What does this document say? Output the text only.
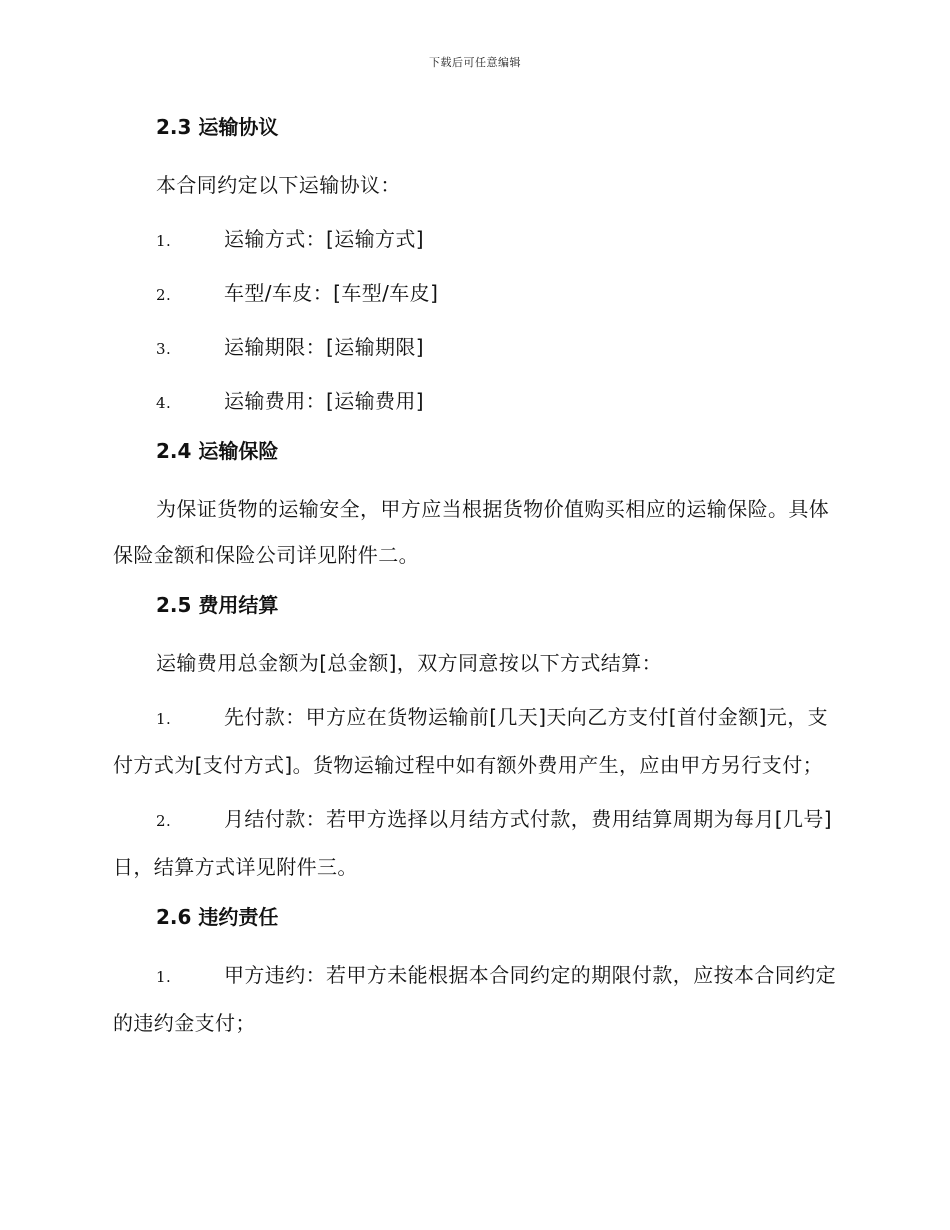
下载后可任意编辑
2.3 运输协议
本合同约定以下运输协议：
1.	运输方式：[运输方式]
2.	车型/车皮：[车型/车皮]
3.	运输期限：[运输期限]
4.	运输费用：[运输费用]
2.4 运输保险
为保证货物的运输安全，甲方应当根据货物价值购买相应的运输保险。具体保险金额和保险公司详见附件二。
2.5 费用结算
运输费用总金额为[总金额]，双方同意按以下方式结算：
1.	先付款：甲方应在货物运输前[几天]天向乙方支付[首付金额]元，支付方式为[支付方式]。货物运输过程中如有额外费用产生，应由甲方另行支付；
2.	月结付款：若甲方选择以月结方式付款，费用结算周期为每月[几号]日，结算方式详见附件三。
2.6 违约责任
1.	甲方违约：若甲方未能根据本合同约定的期限付款，应按本合同约定的违约金支付；
